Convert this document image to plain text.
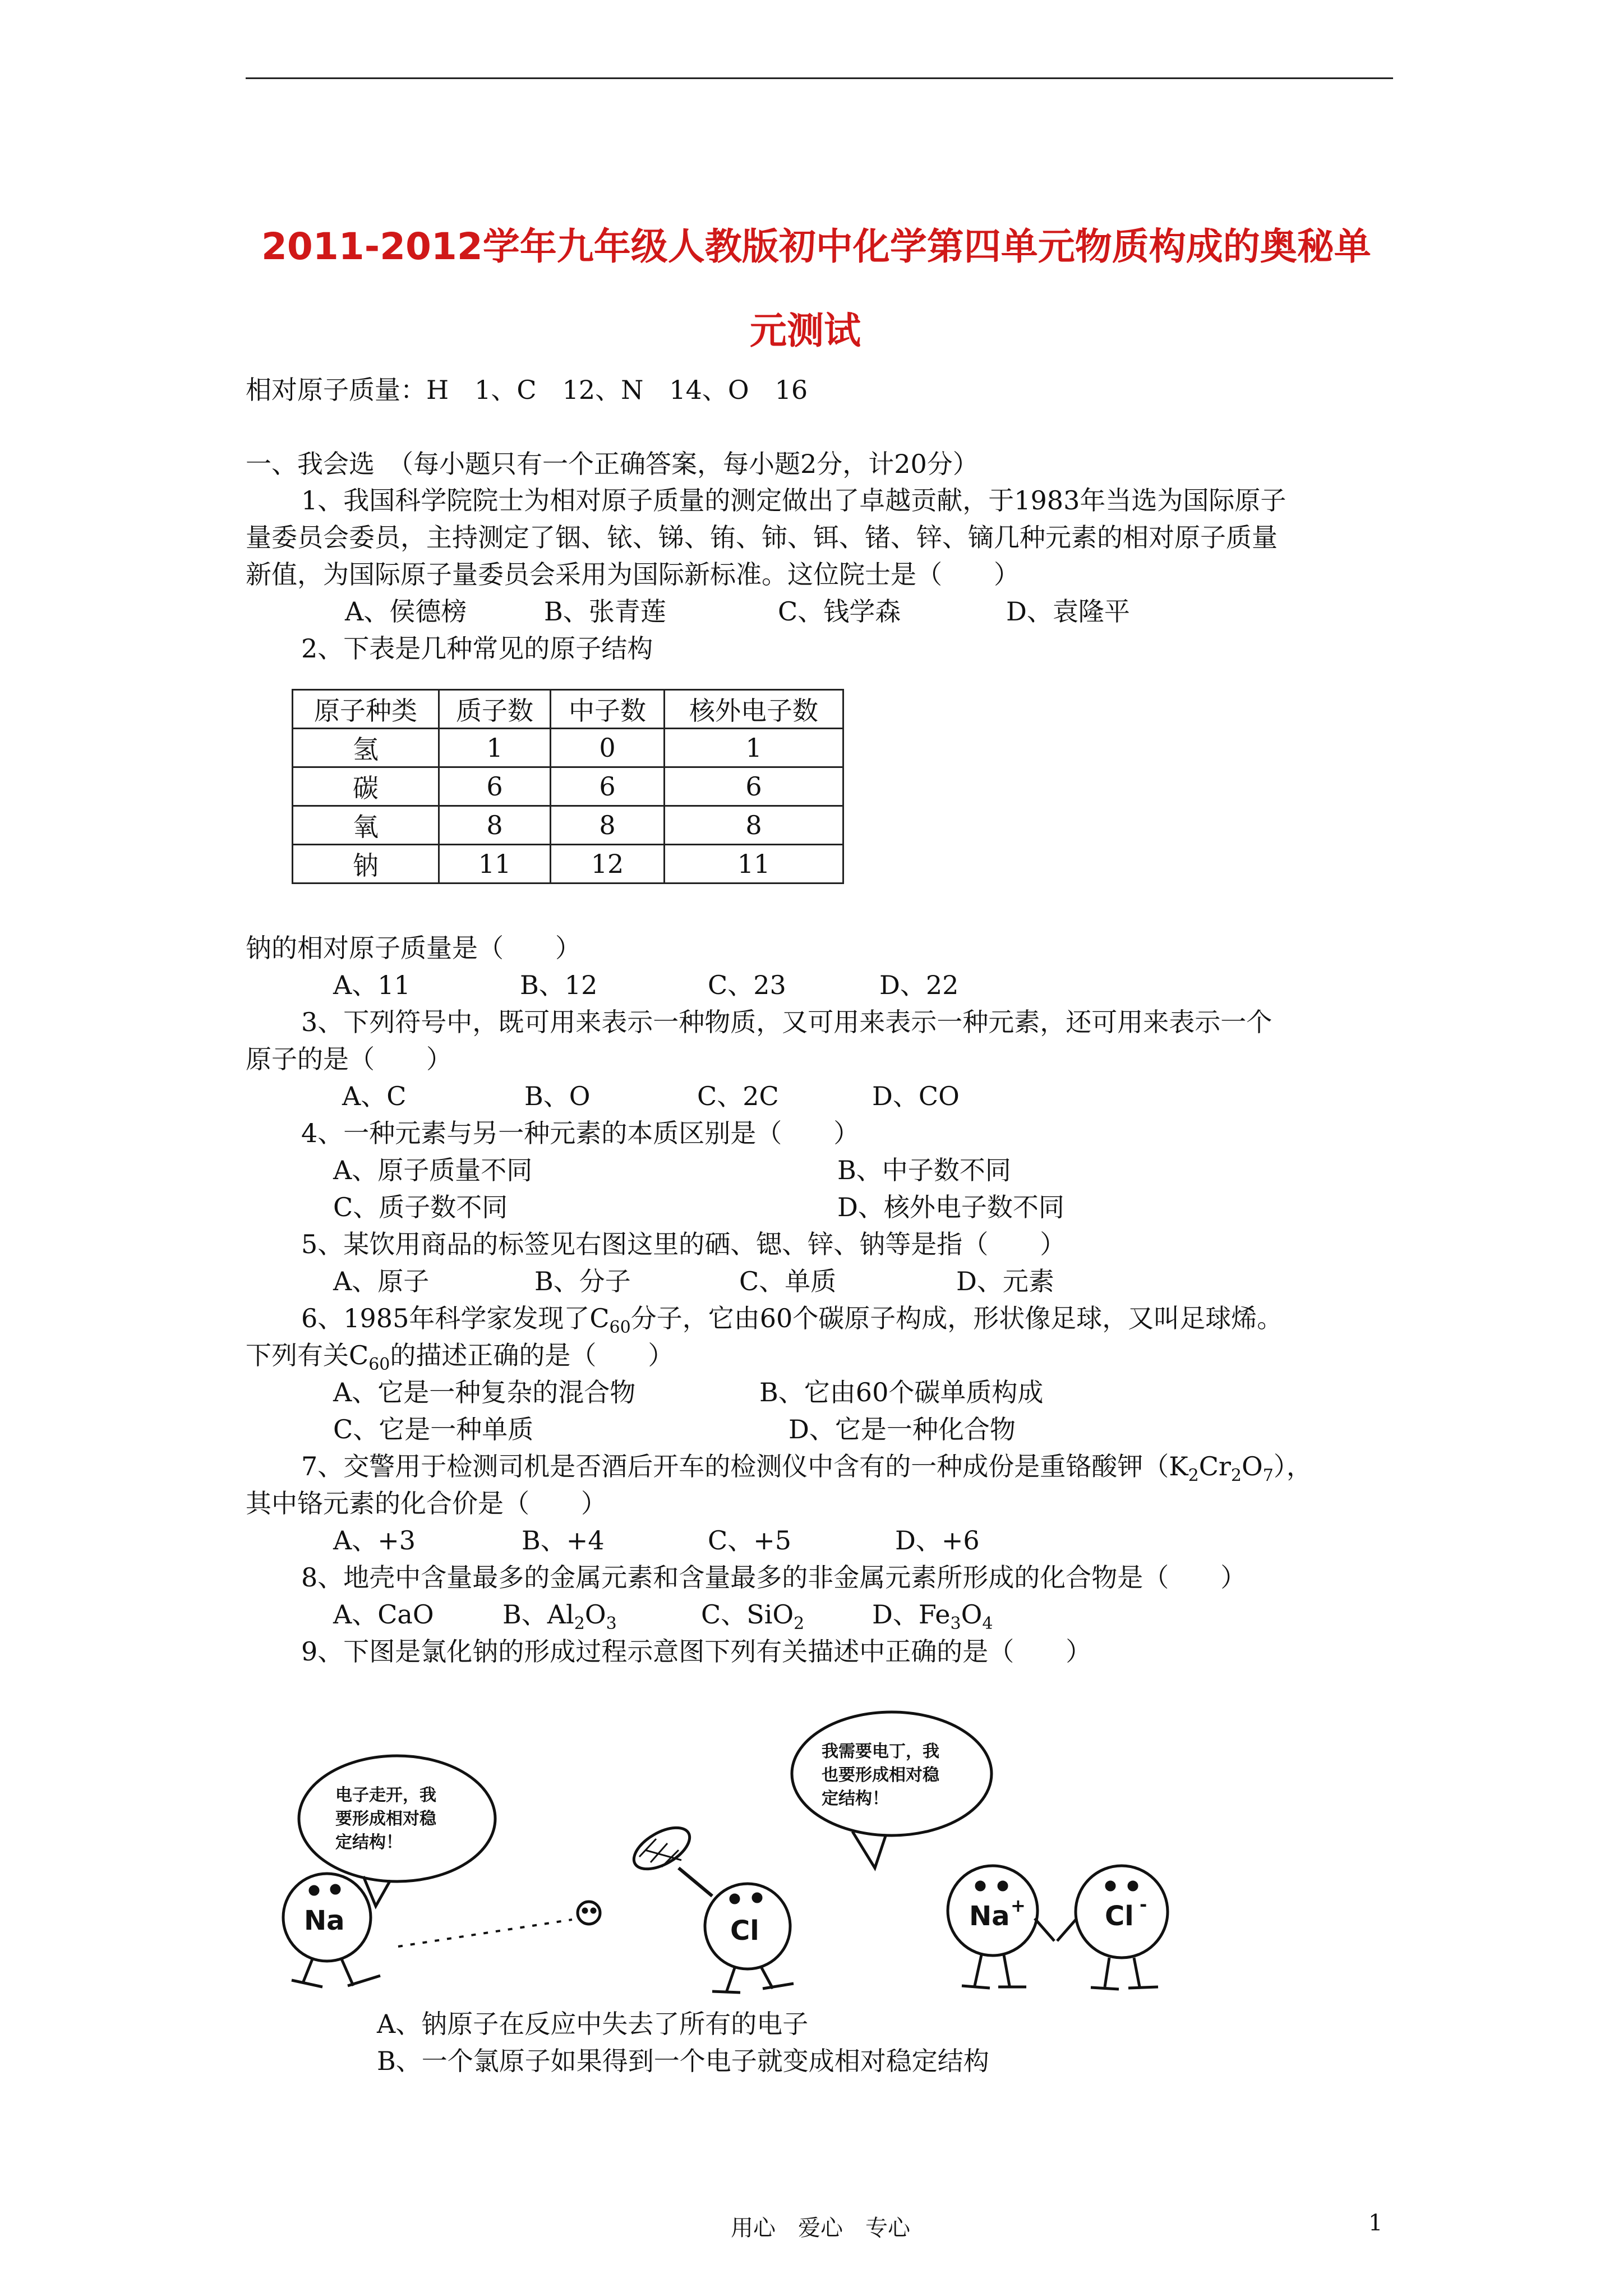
2011-2012学年九年级人教版初中化学第四单元物质构成的奥秘单
元测试
相对原子质量：H　1、C　12、N　14、O　16
一、我会选　（每小题只有一个正确答案，每小题2分，计20分）
1、我国科学院院士为相对原子质量的测定做出了卓越贡献，于1983年当选为国际原子
量委员会委员，主持测定了铟、铱、锑、铕、铈、铒、锗、锌、镝几种元素的相对原子质量
新值，为国际原子量委员会采用为国际新标准。这位院士是（　　）
A、侯德榜	B、张青莲	C、钱学森	D、袁隆平
2、下表是几种常见的原子结构
原子种类	质子数	中子数	核外电子数
氢	1	0	1
碳	6	6	6
氧	8	8	8
钠	11	12	11
钠的相对原子质量是（　　）
A、11	B、12	C、23	D、22
3、下列符号中，既可用来表示一种物质，又可用来表示一种元素，还可用来表示一个
原子的是（　　）
A、C	B、O	C、2C	D、CO
4、一种元素与另一种元素的本质区别是（　　）
A、原子质量不同	B、中子数不同
C、质子数不同	D、核外电子数不同
5、某饮用商品的标签见右图这里的硒、锶、锌、钠等是指（　　）
A、原子	B、分子	C、单质	D、元素
6、1985年科学家发现了$C_{60}$分子，它由60个碳原子构成，形状像足球，又叫足球烯。
下列有关$C_{60}$的描述正确的是（　　）
A、它是一种复杂的混合物	B、它由60个碳单质构成
C、它是一种单质	D、它是一种化合物
7、交警用于检测司机是否酒后开车的检测仪中含有的一种成份是重铬酸钾$(K_2Cr_2O_7)$，
其中铬元素的化合价是（　　）
A、+3	B、+4	C、+5	D、+6
8、地壳中含量最多的金属元素和含量最多的非金属元素所形成的化合物是（　　）
A、CaO	B、$Al_2O_3$	C、SiO$_2$	D、$Fe_3O_4$
9、下图是氯化钠的形成过程示意图下列有关描述中正确的是（　　）
电子走开，我
要形成相对稳
定结构！
我需要电丁，我
也要形成相对稳
定结构！
Na	Cl	Na +	Cl -
A、钠原子在反应中失去了所有的电子
B、一个氯原子如果得到一个电子就变成相对稳定结构
用心　爱心　专心	1
